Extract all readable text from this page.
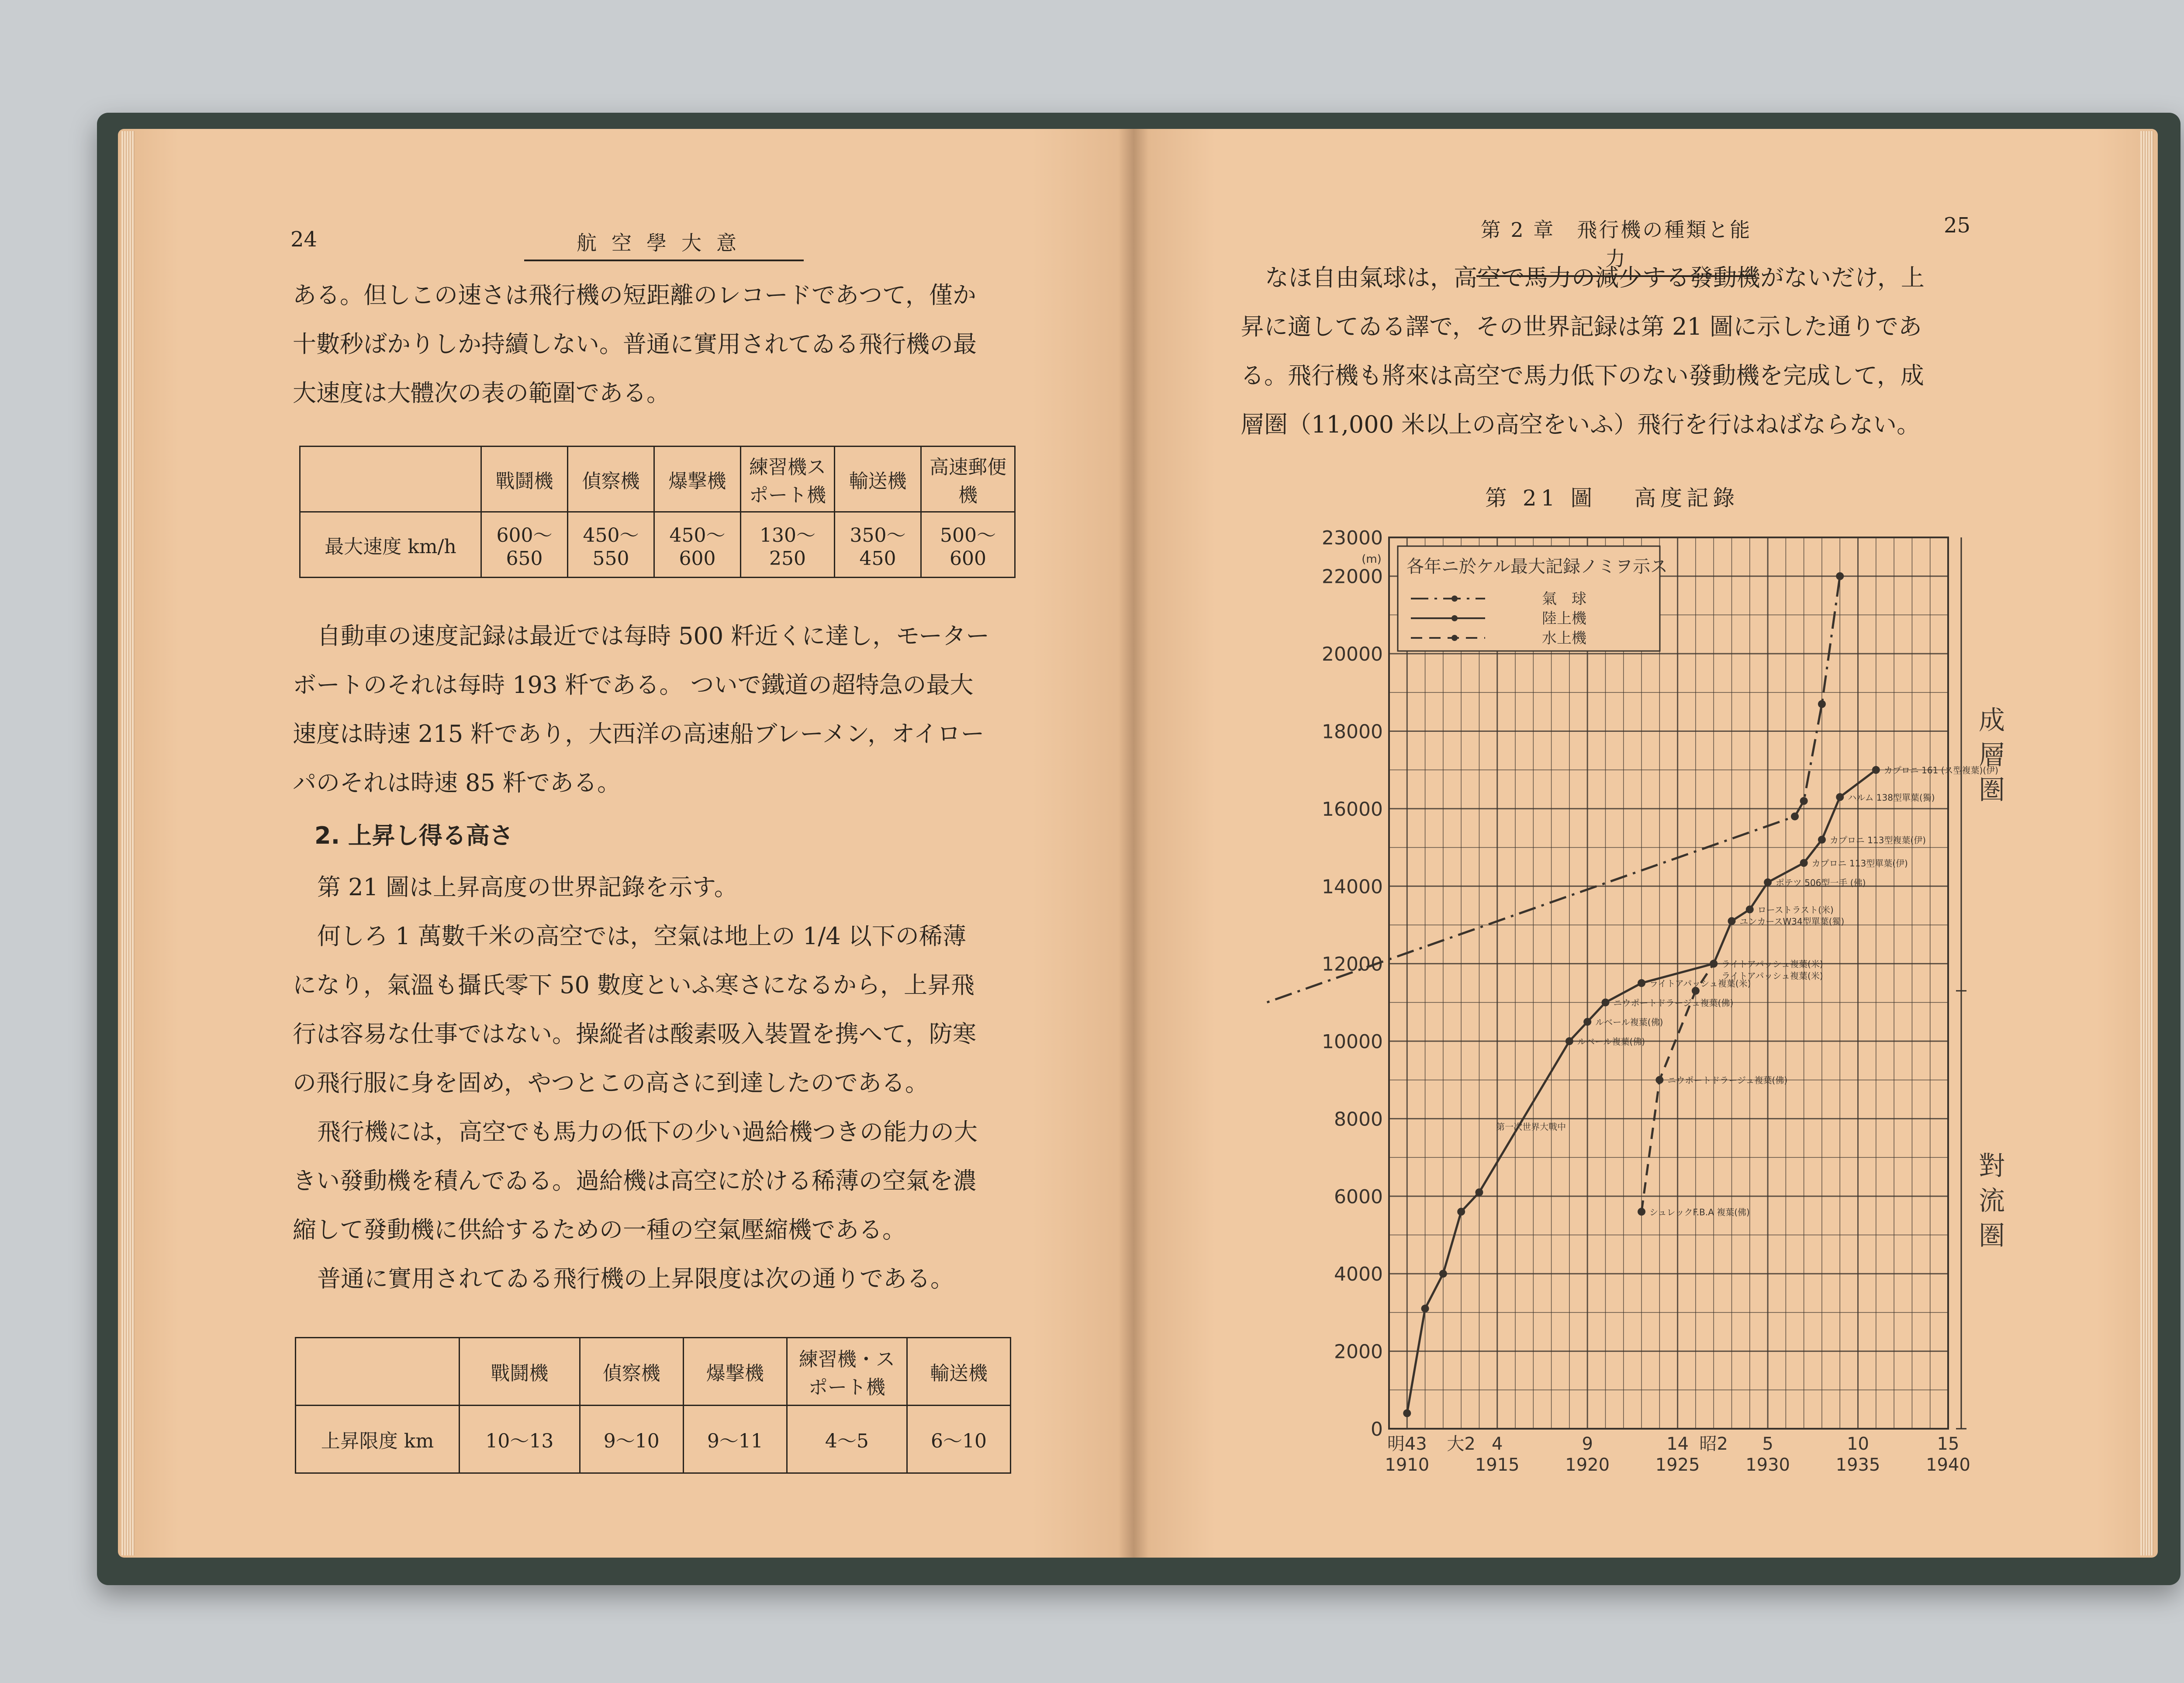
24	航空學大意

ある。但しこの速さは飛行機の短距離のレコードであつて，僅か

十數秒ばかりしか持續しない。普通に實用されてゐる飛行機の最

大速度は大體次の表の範圍である。

	戰鬪機	偵察機	爆撃機	練習機スポート機	輸送機	高速郵便機
最大速度 km/h	600～650	450～550	450～600	130～250	350～450	500～600

自動車の速度記録は最近では每時 500 粁近くに達し，モーター

ボートのそれは每時 193 粁である。 ついで鐵道の超特急の最大

速度は時速 215 粁であり，大西洋の高速船ブレーメン，オイロー

パのそれは時速 85 粁である。

2. 上昇し得る高さ

第 21 圖は上昇高度の世界記錄を示す。

何しろ 1 萬數千米の高空では，空氣は地上の 1/4 以下の稀薄

になり，氣溫も攝氏零下 50 數度といふ寒さになるから，上昇飛

行は容易な仕事ではない。操縱者は酸素吸入裝置を携へて，防寒

の飛行服に身を固め，やつとこの高さに到達したのである。

飛行機には，高空でも馬力の低下の少い過給機つきの能力の大

きい發動機を積んでゐる。過給機は高空に於ける稀薄の空氣を濃

縮して發動機に供給するための一種の空氣壓縮機である。

普通に實用されてゐる飛行機の上昇限度は次の通りである。

	戰鬪機	偵察機	爆撃機	練習機・スポート機	輸送機
上昇限度 km	10～13	9～10	9～11	4～5	6～10
第 2 章　飛行機の種類と能力
25

なほ自由氣球は，高空で馬力の減少する發動機がないだけ，上

昇に適してゐる譯で，その世界記録は第 21 圖に示した通りであ

る。飛行機も將來は高空で馬力低下のない發動機を完成して，成

層圏（11,000 米以上の高空をいふ）飛行を行はねばならない。

第 21 圖　 高度記錄
0
2000
4000
6000
8000
10000
12000
14000
16000
18000
20000
22000
23000
(m)
明43
1910
大2 4
1915
9
1920
14
1925
昭2 5
1930
10
1935
15
1940
成
層
圏
對
流
圏
カプロニ 161 (ス型複葉)(伊)
ハルム 138型單葉(獨)
カプロニ 113型複葉(伊)
カプロニ 113型單葉(伊)
ポテツ 506型一手 (佛)
ローストラスト(米)
ユンカースW34型單葉(獨)
ライトアパッシュ複葉(米)
ライトアパッシュ複葉(米)
ライトアパッシュ複葉(米)
ニウポートドラージュ複葉(佛)
ルベール複葉(佛)
ルベール複葉(佛)
ニウポートドラージュ複葉(佛)
シュレックF.B.A 複葉(佛)
第一次世界大戰中
各年ニ於ケル最大記録ノミヲ示ス
氣　球
陸上機
水上機
